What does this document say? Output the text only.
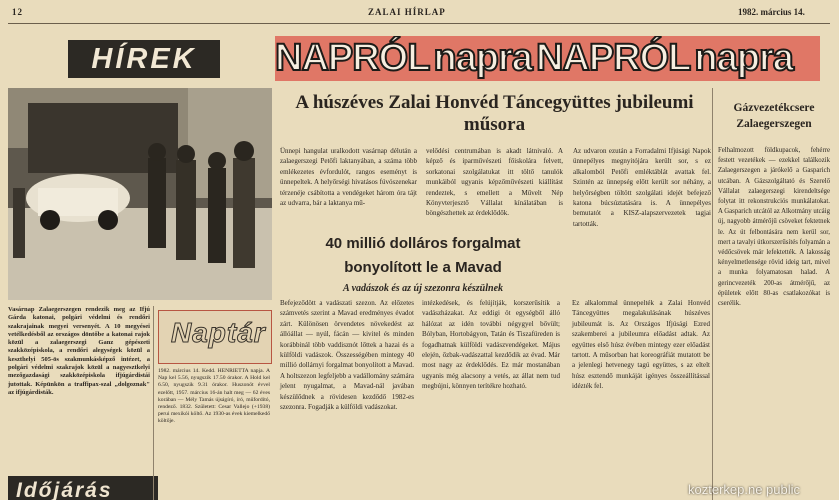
12	ZALAI HÍRLAP	1982. március 14.
HÍREK
Vasárnap Zalaegerszegen rendezik meg az Ifjú Gárda katonai, polgári védelmi és rendőri szakrajainak megyei versenyét. A 10 megyései vetélkedésből az országos döntőbe a katonai rajok közül a zalaegerszegi Ganz gépészeti szakközépiskola, a rendőri alegységek közül a keszthelyi 505-ös szakmunkásképző intézet, a polgári védelmi szakrajok közül a nagyesztkelyi mezőgazdasági szakközépiskola ifjúgárdistái jutottak. Képünkön a traffipax-szal „dolgoznak" az ifjúgárdisták.
Naptár
1982. március 14. Kedd. HENRIETTA napja. A Nap kel 5.56, nyugszik 17.50 órakor. A Hold kel 6.50, nyugszik 9.31 órakor. Huszonöt évvel ezelőtt, 1957. március 16-án halt meg — 62 éves korában — Mély Tamás újságíró, író, műfordító, rendező. 1832. Született: Cesar Vallejo (+1938) perui mexikói költő. Az 1930-as évek kiemelkedő költője.
Időjárás
NAPRÓL napra NAPRÓL napra
A húszéves Zalai Honvéd Táncegyüttes jubileumi műsora
Ünnepi hangulat uralkodott vasárnap délután a zalaegerszegi Petőfi laktanyában, a száma több emlékezetes évfordulót, rangos eseményt is ünnepeltek. A helyőrségi hivatásos fúvószenekar térzenéje csábította a vendégeket három óra tájt az udvarra, bár a laktanya mű-
velődési centrumában is akadt látnivaló. A képző és iparművészeti főiskolára felvett, sorkatonai szolgálatukat itt töltő tanulók munkáiból ugyanis képzőművészeti kiállítást rendeztek, s emellett a Művelt Nép Könyvterjesztő Vállalat kínálatában is böngészhettek az érdeklődők.
Az udvaron ezután a Forradalmi Ifjúsági Napok ünnepélyes megnyitójára került sor, s ez alkalomból Petőfi emléktáblát avattak fel. Szintén az ünnepség előtt került sor néhány, a helyőrségben töltött szolgálati idejét befejező katona búcsúztatására is. A ünnepélyes bemutatót a KISZ-alapszervezetek tagjai tartották.
40 millió dolláros forgalmat bonyolított le a Mavad
A vadászok és az új szezonra készülnek
Befejeződött a vadászati szezon. Az előzetes számvetés szerint a Mavad eredményes évadot zárt. Különösen örvendetes növekedést az állóállat — nyúl, fácán — kivitel és minden korábbinál több vaddisznót lőttek a hazai és a külföldi vadászok. Összességében mintegy 40 millió dollárnyi forgalmat bonyolított a Mavad. A holtszezon legfeljebb a vadállomány számára jelent nyugalmat, a Mavad-nál javában készülődnek a rövidesen kezdődő 1982-es szezonra. Fogadják a külföldi vadászokat.
intézkedések, és felújítják, korszerűsítik a vadászházakat. Az eddigi öt egységből álló hálózat az idén további négygyel bővült; Bólyban, Hortobágyon, Tatán és Tiszafüreden is fogadhatnak külföldi vadászvendégeket. Május elején, őzbak-vadászattal kezdődik az évad. Már most nagy az érdeklődés. Ez már mostanában ugyanis még alacsony a vetés, az állat nem tud megbújni, könnyen terítékre hozható.
Ez alkalommal ünnepelték a Zalai Honvéd Táncegyüttes megalakulásának húszéves jubileumát is. Az Országos Ifjúsági Ezred szakemberei a jubileumra előadást adtak. Az együttes első húsz évében mintegy ezer előadást tartott. A műsorban hat koreográfiát mutatott be a jelenlegi hetvenegy tagú együttes, s az eltelt húsz esztendő munkáját igényes összeállítással idézték fel.
Gázvezetékcsere Zalaegerszegen
Felhalmozott földkupacok, fehérre festett vezetékek — ezekkel találkozik Zalaegerszegen a járókelő a Gasparich utcában. A Gázszolgáltató és Szerelő Vállalat zalaegerszegi kirendeltsége folytat itt rekonstrukciós munkálatokat. A Gasparich utcától az Alkotmány utcáig új, nagyobb átmérőjű csöveket fektetnek le. Az út felbontására nem kerül sor, mert a tavalyi útkorszerűsítés folyamán a védőcsövek már lefektették. A lakosság kényelmetlensége rövid ideig tart, mivel a munka folyamatosan halad. A gerincvezeték 200-as átmérőjű, az épületek előtt 80-as csatlakozókat is cserélik.
kozterkep.ne public
